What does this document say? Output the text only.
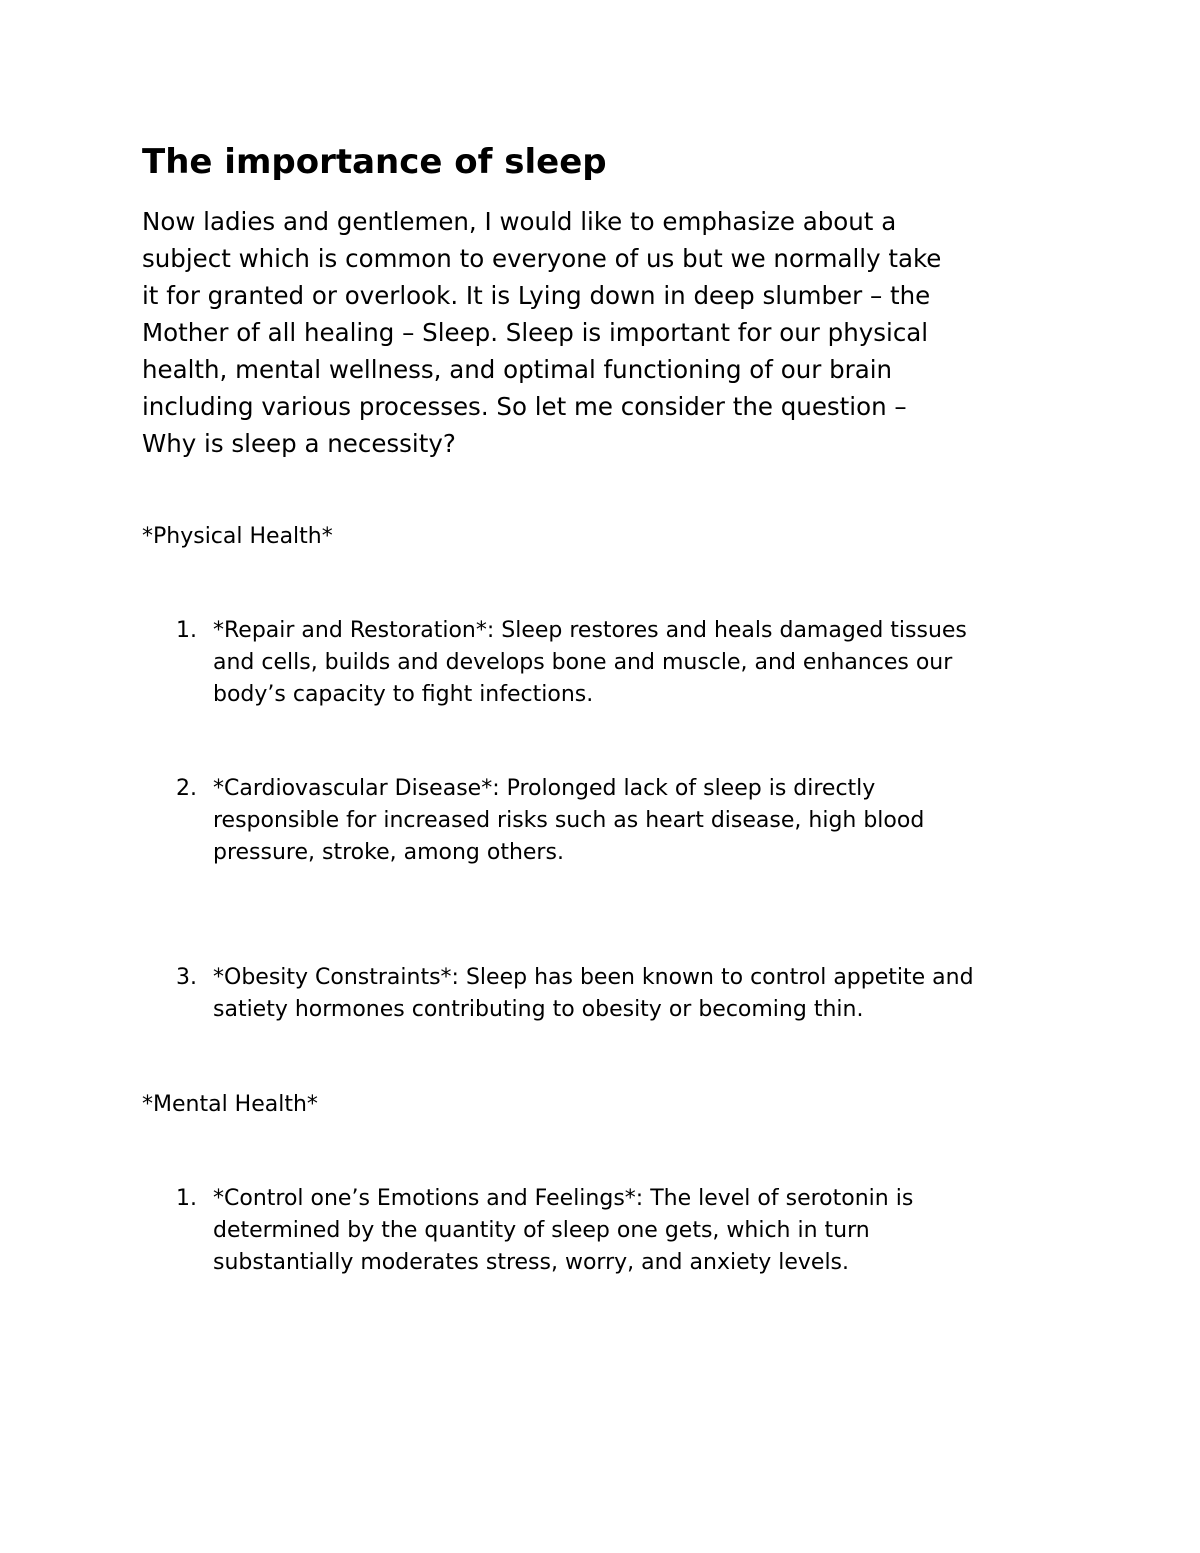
The importance of sleep

Now ladies and gentlemen, I would like to emphasize about a
subject which is common to everyone of us but we normally take
it for granted or overlook. It is Lying down in deep slumber – the
Mother of all healing – Sleep. Sleep is important for our physical
health, mental wellness, and optimal functioning of our brain
including various processes. So let me consider the question –
Why is sleep a necessity?

*Physical Health*

1. *Repair and Restoration*: Sleep restores and heals damaged tissues
and cells, builds and develops bone and muscle, and enhances our
body’s capacity to fight infections.
2. *Cardiovascular Disease*: Prolonged lack of sleep is directly
responsible for increased risks such as heart disease, high blood
pressure, stroke, among others.
3. *Obesity Constraints*: Sleep has been known to control appetite and
satiety hormones contributing to obesity or becoming thin.

*Mental Health*

1. *Control one’s Emotions and Feelings*: The level of serotonin is
determined by the quantity of sleep one gets, which in turn
substantially moderates stress, worry, and anxiety levels.
